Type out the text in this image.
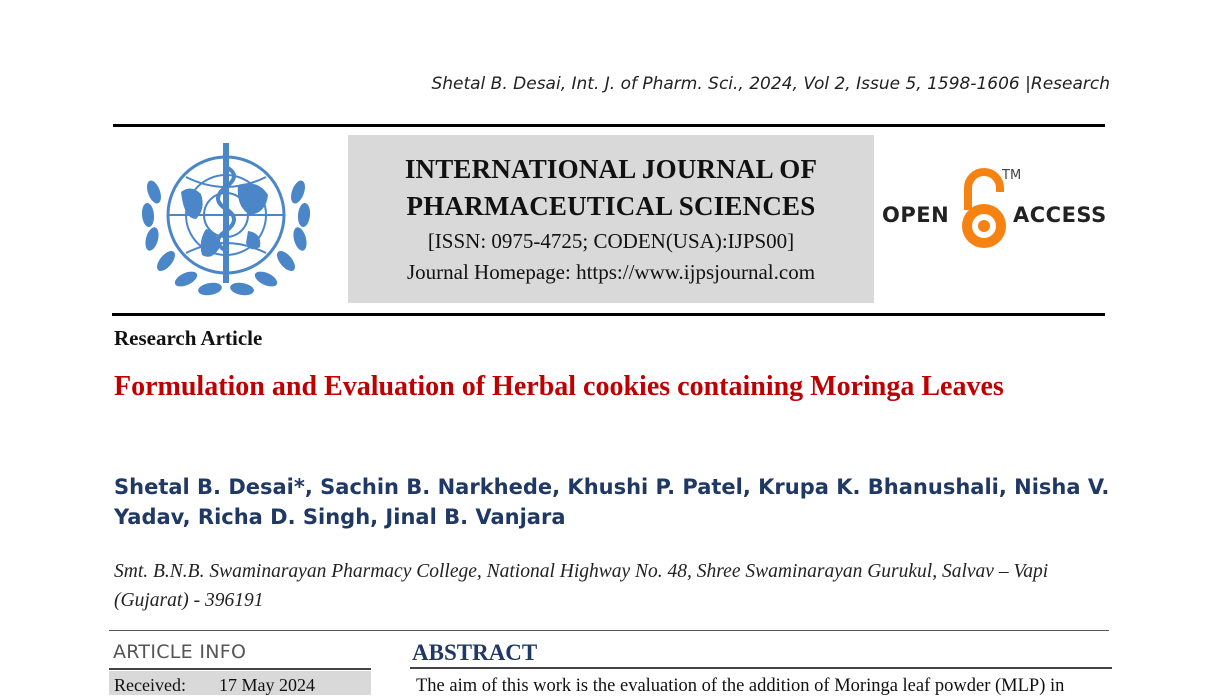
Shetal B. Desai, Int. J. of Pharm. Sci., 2024, Vol 2, Issue 5, 1598-1606 |Research
INTERNATIONAL JOURNAL OF
PHARMACEUTICAL SCIENCES
[ISSN: 0975-4725; CODEN(USA):IJPS00]
Journal Homepage: https://www.ijpsjournal.com
OPEN
TM
ACCESS
Research Article
Formulation and Evaluation of Herbal cookies containing Moringa Leaves
Shetal B. Desai*, Sachin B. Narkhede, Khushi P. Patel, Krupa K. Bhanushali, Nisha V. Yadav, Richa D. Singh, Jinal B. Vanjara
Smt. B.N.B. Swaminarayan Pharmacy College, National Highway No. 48, Shree Swaminarayan Gurukul, Salvav – Vapi (Gujarat) - 396191
ARTICLE INFO
Received: 17 May 2024
ABSTRACT
The aim of this work is the evaluation of the addition of Moringa leaf powder (MLP) in
